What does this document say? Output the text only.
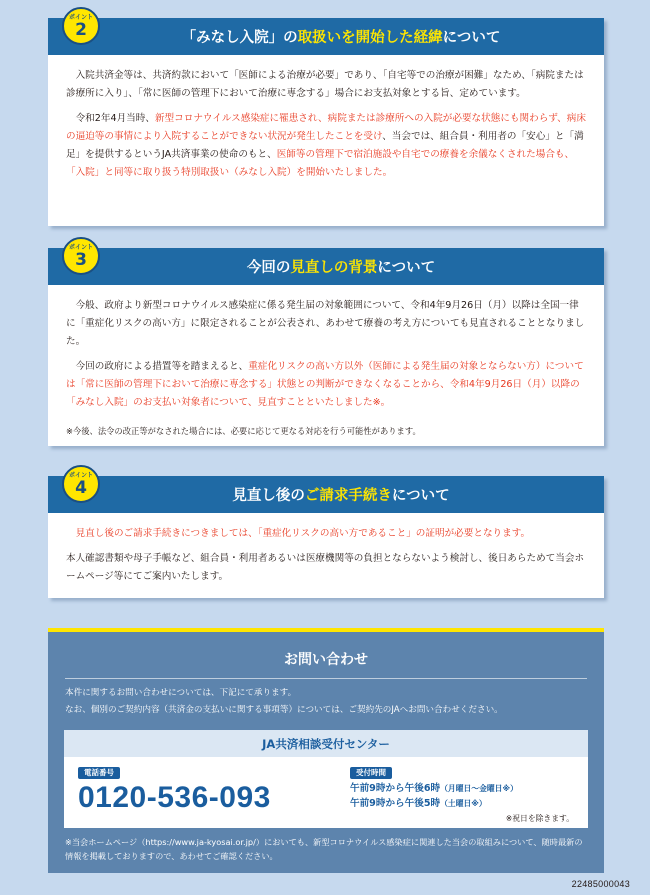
ポイント
2	「みなし入院」の 取扱いを開始した経緯 について

入院共済金等は、共済約款において「医師による治療が必要」であり、「自宅等での治療が困難」なため、「病院または診療所に入り」、「常に医師の管理下において治療に専念する」場合にお支払対象とする旨、定めています。

令和2年4月当時、新型コロナウイルス感染症に罹患され、病院または診療所への入院が必要な状態にも関わらず、病床の逼迫等の事情により入院することができない状況が発生したことを受け、当会では、組合員・利用者の「安心」と「満足」を提供するというJA共済事業の使命のもと、医師等の管理下で宿泊施設や自宅での療養を余儀なくされた場合も、「入院」と同等に取り扱う特別取扱い（みなし入院）を開始いたしました。

ポイント
3	今回の 見直しの背景 について

今般、政府より新型コロナウイルス感染症に係る発生届の対象範囲について、令和4年9月26日（月）以降は全国一律に「重症化リスクの高い方」に限定されることが公表され、あわせて療養の考え方についても見直されることとなりました。

今回の政府による措置等を踏まえると、重症化リスクの高い方以外（医師による発生届の対象とならない方）については「常に医師の管理下において治療に専念する」状態との判断ができなくなることから、令和4年9月26日（月）以降の「みなし入院」のお支払い対象者について、見直すことといたしました※。

※今後、法令の改正等がなされた場合には、必要に応じて更なる対応を行う可能性があります。

ポイント
4	見直し後の ご請求手続き について

見直し後のご請求手続きにつきましては、「重症化リスクの高い方であること」の証明が必要となります。

本人確認書類や母子手帳など、組合員・利用者あるいは医療機関等の負担とならないよう検討し、後日あらためて当会ホームページ等にてご案内いたします。

お問い合わせ
本件に関するお問い合わせについては、下記にて承ります。
なお、個別のご契約内容（共済金の支払いに関する事項等）については、ご契約先のJAへお問い合わせください。
JA共済相談受付センター
電話番号
0120-536-093
受付時間
午前9時から午後6時（月曜日～金曜日※）
午前9時から午後5時（土曜日※）
※祝日を除きます。
※当会ホームページ（https://www.ja-kyosai.or.jp/）においても、新型コロナウイルス感染症に関連した当会の取組みについて、随時最新の情報を掲載しておりますので、あわせてご確認ください。
22485000043
